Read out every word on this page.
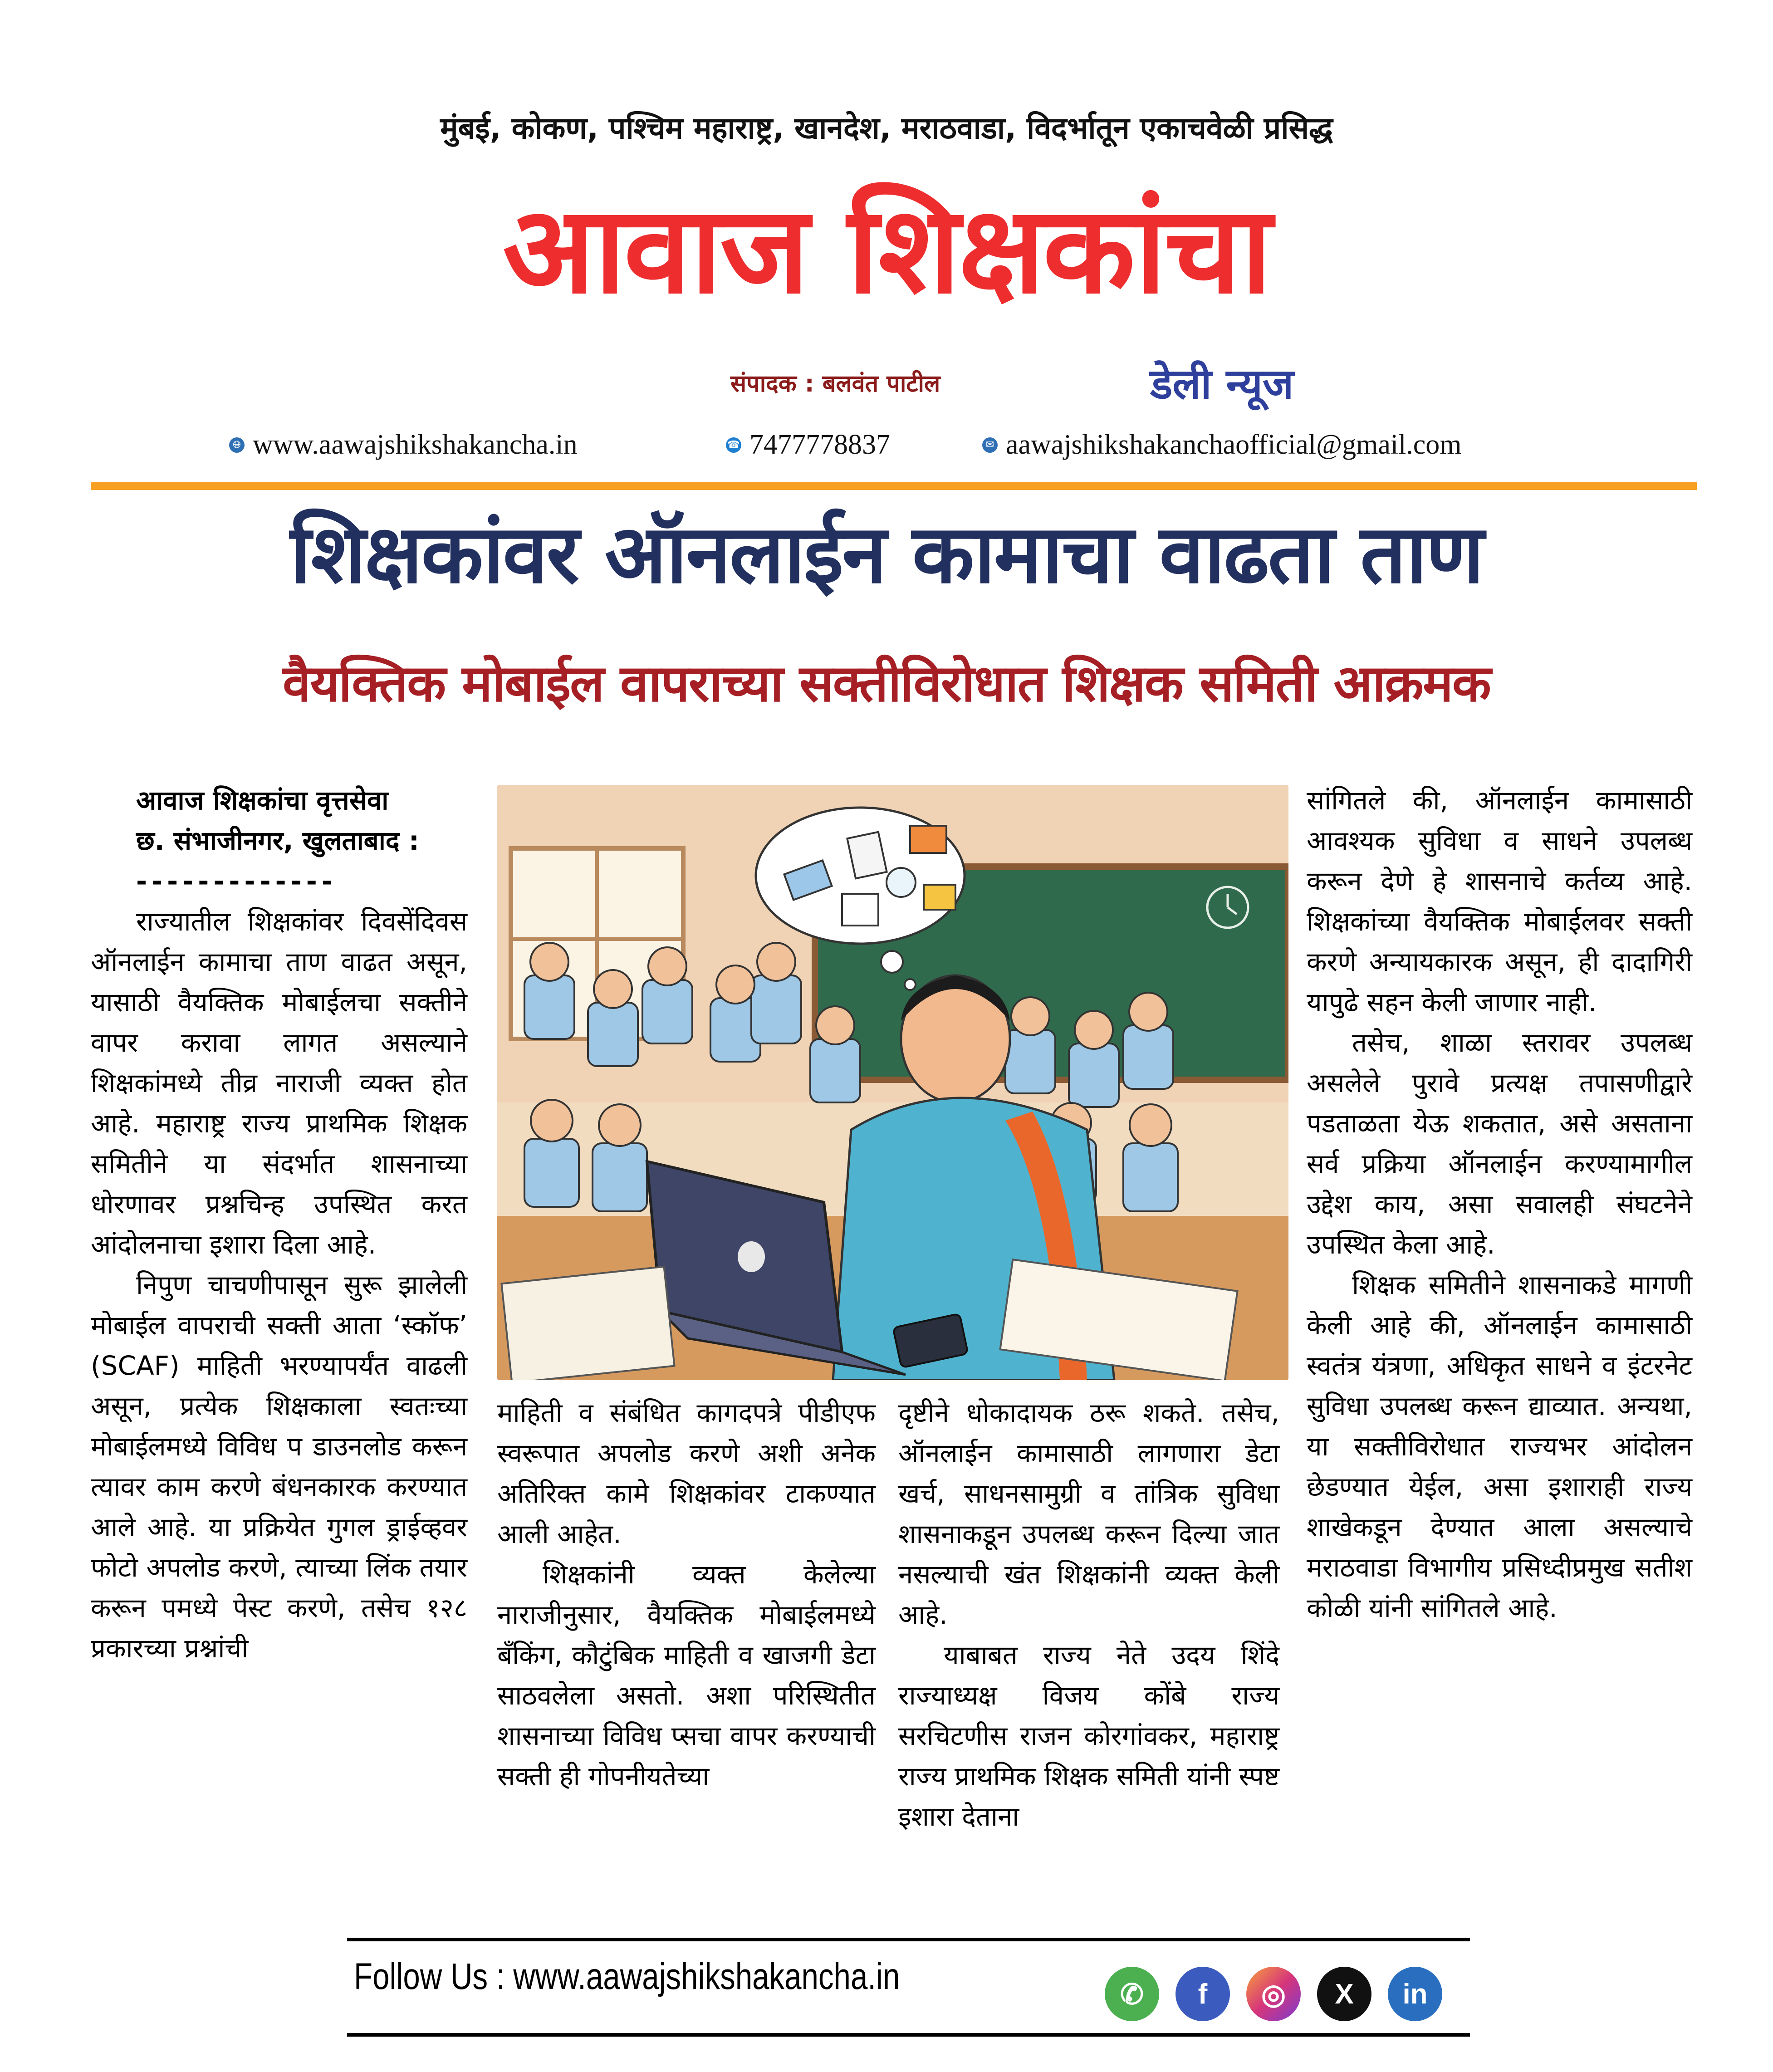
मुंबई, कोकण, पश्चिम महाराष्ट्र, खानदेश, मराठवाडा, विदर्भातून एकाचवेळी प्रसिद्ध
आवाज शिक्षकांचा
संपादक : बलवंत पाटील	डेली न्यूज
🌐︎ www.aawajshikshakancha.in	☎︎ 7477778837	✉︎ aawajshikshakanchaofficial@gmail.com
शिक्षकांवर ऑनलाईन कामाचा वाढता ताण
वैयक्तिक मोबाईल वापराच्या सक्तीविरोधात शिक्षक समिती आक्रमक

आवाज शिक्षकांचा वृत्तसेवा

छ. संभाजीनगर, खुलताबाद :

-------------

राज्यातील शिक्षकांवर दिवसेंदिवस ऑनलाईन कामाचा ताण वाढत असून, यासाठी वैयक्तिक मोबाईलचा सक्तीने वापर करावा लागत असल्याने शिक्षकांमध्ये तीव्र नाराजी व्यक्त होत आहे. महाराष्ट्र राज्य प्राथमिक शिक्षक समितीने या संदर्भात शासनाच्या धोरणावर प्रश्नचिन्ह उपस्थित करत आंदोलनाचा इशारा दिला आहे.

निपुण चाचणीपासून सुरू झालेली मोबाईल वापराची सक्ती आता ‘स्कॉफ’ (SCAF) माहिती भरण्यापर्यंत वाढली असून, प्रत्येक शिक्षकाला स्वतःच्या मोबाईलमध्ये विविध प डाउनलोड करून त्यावर काम करणे बंधनकारक करण्यात आले आहे. या प्रक्रियेत गुगल ड्राईव्हवर फोटो अपलोड करणे, त्याच्या लिंक तयार करून पमध्ये पेस्ट करणे, तसेच १२८ प्रकारच्या प्रश्नांची

माहिती व संबंधित कागदपत्रे पीडीएफ स्वरूपात अपलोड करणे अशी अनेक अतिरिक्त कामे शिक्षकांवर टाकण्यात आली आहेत.

शिक्षकांनी व्यक्त केलेल्या नाराजीनुसार, वैयक्तिक मोबाईलमध्ये बँकिंग, कौटुंबिक माहिती व खाजगी डेटा साठवलेला असतो. अशा परिस्थितीत शासनाच्या विविध प्सचा वापर करण्याची सक्ती ही गोपनीयतेच्या

दृष्टीने धोकादायक ठरू शकते. तसेच, ऑनलाईन कामासाठी लागणारा डेटा खर्च, साधनसामुग्री व तांत्रिक सुविधा शासनाकडून उपलब्ध करून दिल्या जात नसल्याची खंत शिक्षकांनी व्यक्त केली आहे.

याबाबत राज्य नेते उदय शिंदे राज्याध्यक्ष विजय कोंबे राज्य सरचिटणीस राजन कोरगांवकर, महाराष्ट्र राज्य प्राथमिक शिक्षक समिती यांनी स्पष्ट इशारा देताना

सांगितले की, ऑनलाईन कामासाठी आवश्यक सुविधा व साधने उपलब्ध करून देणे हे शासनाचे कर्तव्य आहे. शिक्षकांच्या वैयक्तिक मोबाईलवर सक्ती करणे अन्यायकारक असून, ही दादागिरी यापुढे सहन केली जाणार नाही.

तसेच, शाळा स्तरावर उपलब्ध असलेले पुरावे प्रत्यक्ष तपासणीद्वारे पडताळता येऊ शकतात, असे असताना सर्व प्रक्रिया ऑनलाईन करण्यामागील उद्देश काय, असा सवालही संघटनेने उपस्थित केला आहे.

शिक्षक समितीने शासनाकडे मागणी केली आहे की, ऑनलाईन कामासाठी स्वतंत्र यंत्रणा, अधिकृत साधने व इंटरनेट सुविधा उपलब्ध करून द्याव्यात. अन्यथा, या सक्तीविरोधात राज्यभर आंदोलन छेडण्यात येईल, असा इशाराही राज्य शाखेकडून देण्यात आला असल्याचे मराठवाडा विभागीय प्रसिध्दीप्रमुख सतीश कोळी यांनी सांगितले आहे.

Follow Us : www.aawajshikshakancha.in	✆	f	◎	X	in
